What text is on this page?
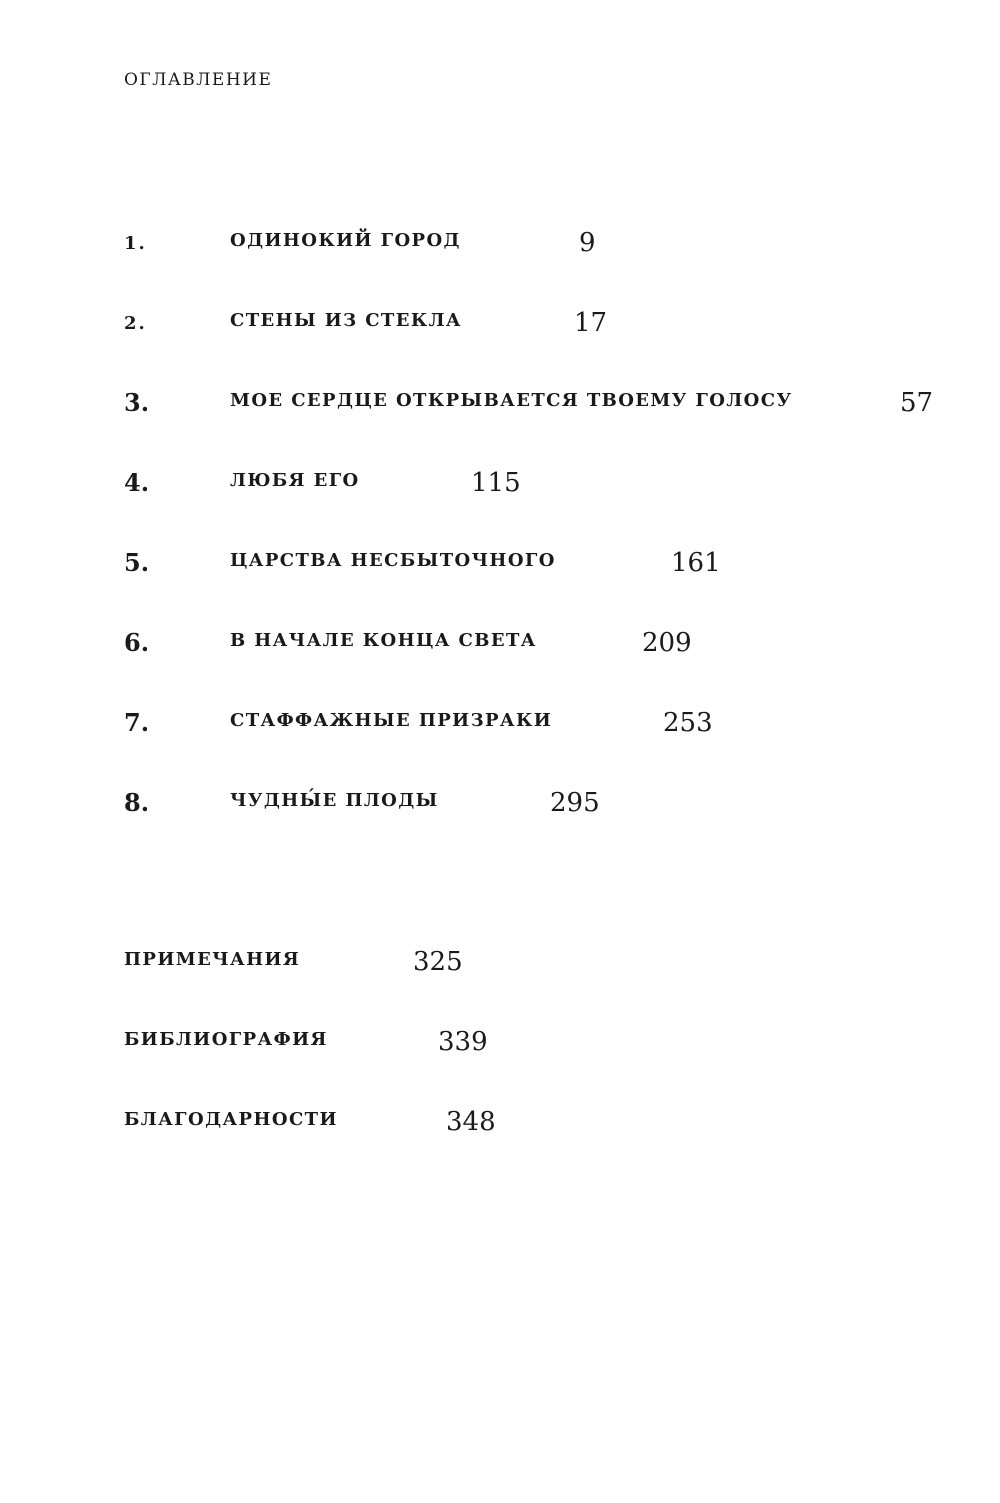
ОГЛАВЛЕНИЕ
1.	ОДИНОКИЙ ГОРОД	9
2.	СТЕНЫ ИЗ СТЕКЛА	17
3.	МОЕ СЕРДЦЕ ОТКРЫВАЕТСЯ ТВОЕМУ ГОЛОСУ	57
4.	ЛЮБЯ ЕГО	115
5.	ЦАРСТВА НЕСБЫТОЧНОГО	161
6.	В НАЧАЛЕ КОНЦА СВЕТА	209
7.	СТАФФАЖНЫЕ ПРИЗРАКИ	253
8.	ЧУДНЫ́Е ПЛОДЫ	295
ПРИМЕЧАНИЯ	325
БИБЛИОГРАФИЯ	339
БЛАГОДАРНОСТИ	348
